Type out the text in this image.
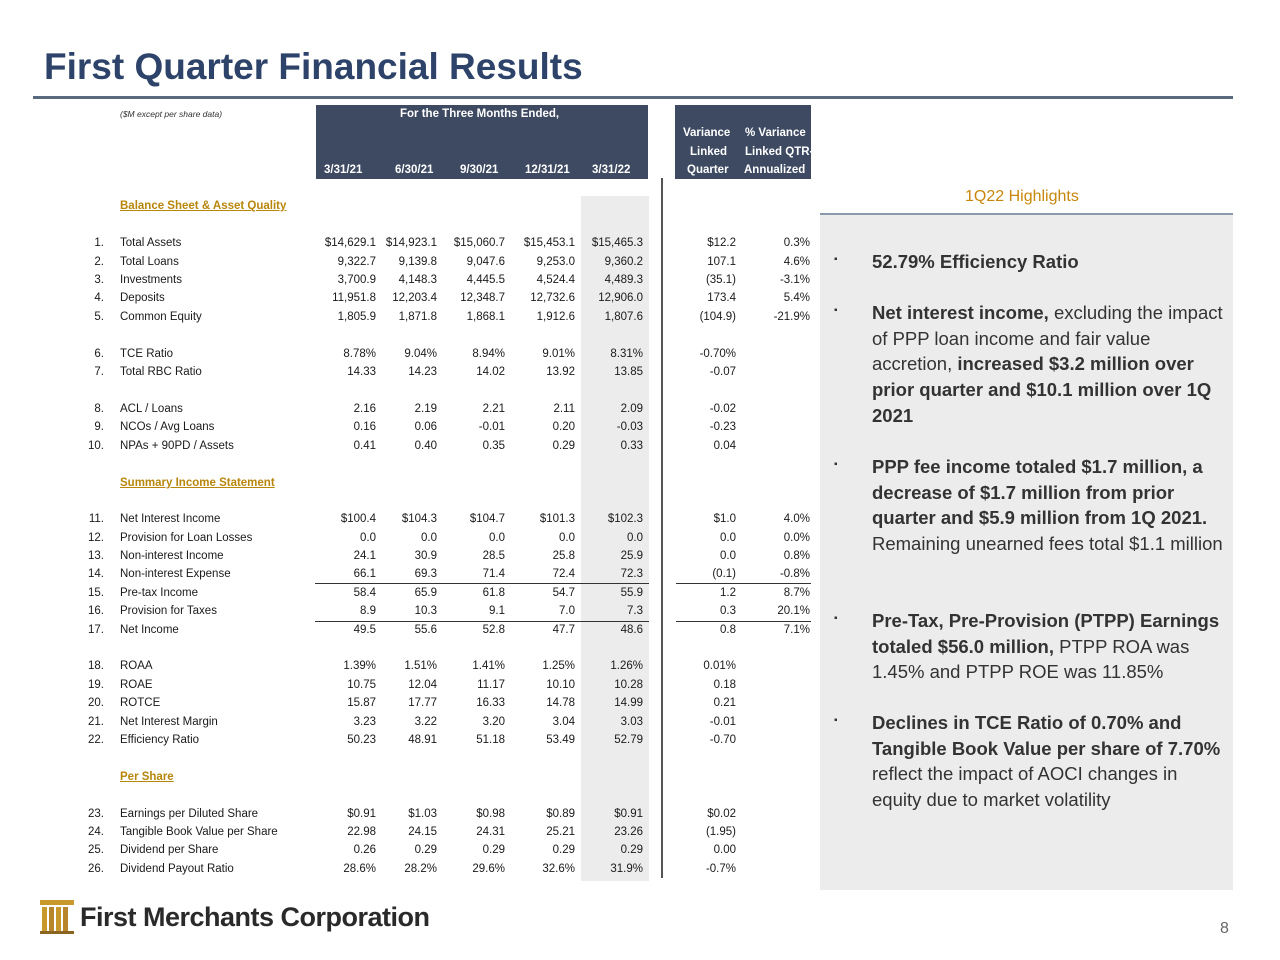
First Quarter Financial Results
($M except per share data)	For the Three Months Ended,
3/31/21	6/30/21 9/30/21 12/31/21 3/31/22
Variance
Linked
Quarter
% Variance
Linked QTR-
Annualized
Balance Sheet & Asset Quality
Summary Income Statement
Per Share
1. Total Assets	$14,629.1 $14,923.1	$15,060.7	$15,453.1	$15,465.3	$12.2	0.3%
2. Total Loans	9,322.7	9,139.8	9,047.6	9,253.0	9,360.2	107.1	4.6%
3. Investments	3,700.9	4,148.3	4,445.5	4,524.4	4,489.3	(35.1)	-3.1%
4. Deposits	11,951.8	12,203.4	12,348.7	12,732.6	12,906.0	173.4	5.4%
5. Common Equity	1,805.9	1,871.8	1,868.1	1,912.6	1,807.6	(104.9)	-21.9%
6. TCE Ratio	8.78%	9.04%	8.94%	9.01%	8.31%	-0.70%
7. Total RBC Ratio	14.33	14.23	14.02	13.92	13.85	-0.07
8. ACL / Loans	2.16	2.19	2.21	2.11	2.09	-0.02
9. NCOs / Avg Loans	0.16	0.06	-0.01	0.20	-0.03	-0.23
10. NPAs + 90PD / Assets	0.41	0.40	0.35	0.29	0.33	0.04
11. Net Interest Income	$100.4	$104.3	$104.7	$101.3	$102.3	$1.0	4.0%
12. Provision for Loan Losses	0.0	0.0	0.0	0.0	0.0	0.0	0.0%
13. Non-interest Income	24.1	30.9	28.5	25.8	25.9	0.0	0.8%
14. Non-interest Expense	66.1	69.3	71.4	72.4	72.3	(0.1)	-0.8%
15. Pre-tax Income	58.4	65.9	61.8	54.7	55.9	1.2	8.7%
16. Provision for Taxes	8.9	10.3	9.1	7.0	7.3	0.3	20.1%
17. Net Income	49.5	55.6	52.8	47.7	48.6	0.8	7.1%
18. ROAA	1.39%	1.51%	1.41%	1.25%	1.26%	0.01%
19. ROAE	10.75	12.04	11.17	10.10	10.28	0.18
20. ROTCE	15.87	17.77	16.33	14.78	14.99	0.21
21. Net Interest Margin	3.23	3.22	3.20	3.04	3.03	-0.01
22. Efficiency Ratio	50.23	48.91	51.18	53.49	52.79	-0.70
23. Earnings per Diluted Share	$0.91	$1.03	$0.98	$0.89	$0.91	$0.02
24. Tangible Book Value per Share	22.98	24.15	24.31	25.21	23.26	(1.95)
25. Dividend per Share	0.26	0.29	0.29	0.29	0.29	0.00
26. Dividend Payout Ratio	28.6%	28.2%	29.6%	32.6%	31.9%	-0.7%
1Q22 Highlights
▪ 52.79% Efficiency Ratio
▪ Net interest income, excluding the impact of PPP loan income and fair value accretion, increased $3.2 million over prior quarter and $10.1 million over 1Q 2021
▪ PPP fee income totaled $1.7 million, a decrease of $1.7 million from prior quarter and $5.9 million from 1Q 2021. Remaining unearned fees total $1.1 million
▪ Pre-Tax, Pre-Provision (PTPP) Earnings totaled $56.0 million, PTPP ROA was 1.45% and PTPP ROE was 11.85%
▪ Declines in TCE Ratio of 0.70% and Tangible Book Value per share of 7.70% reflect the impact of AOCI changes in equity due to market volatility
First Merchants Corporation	8
